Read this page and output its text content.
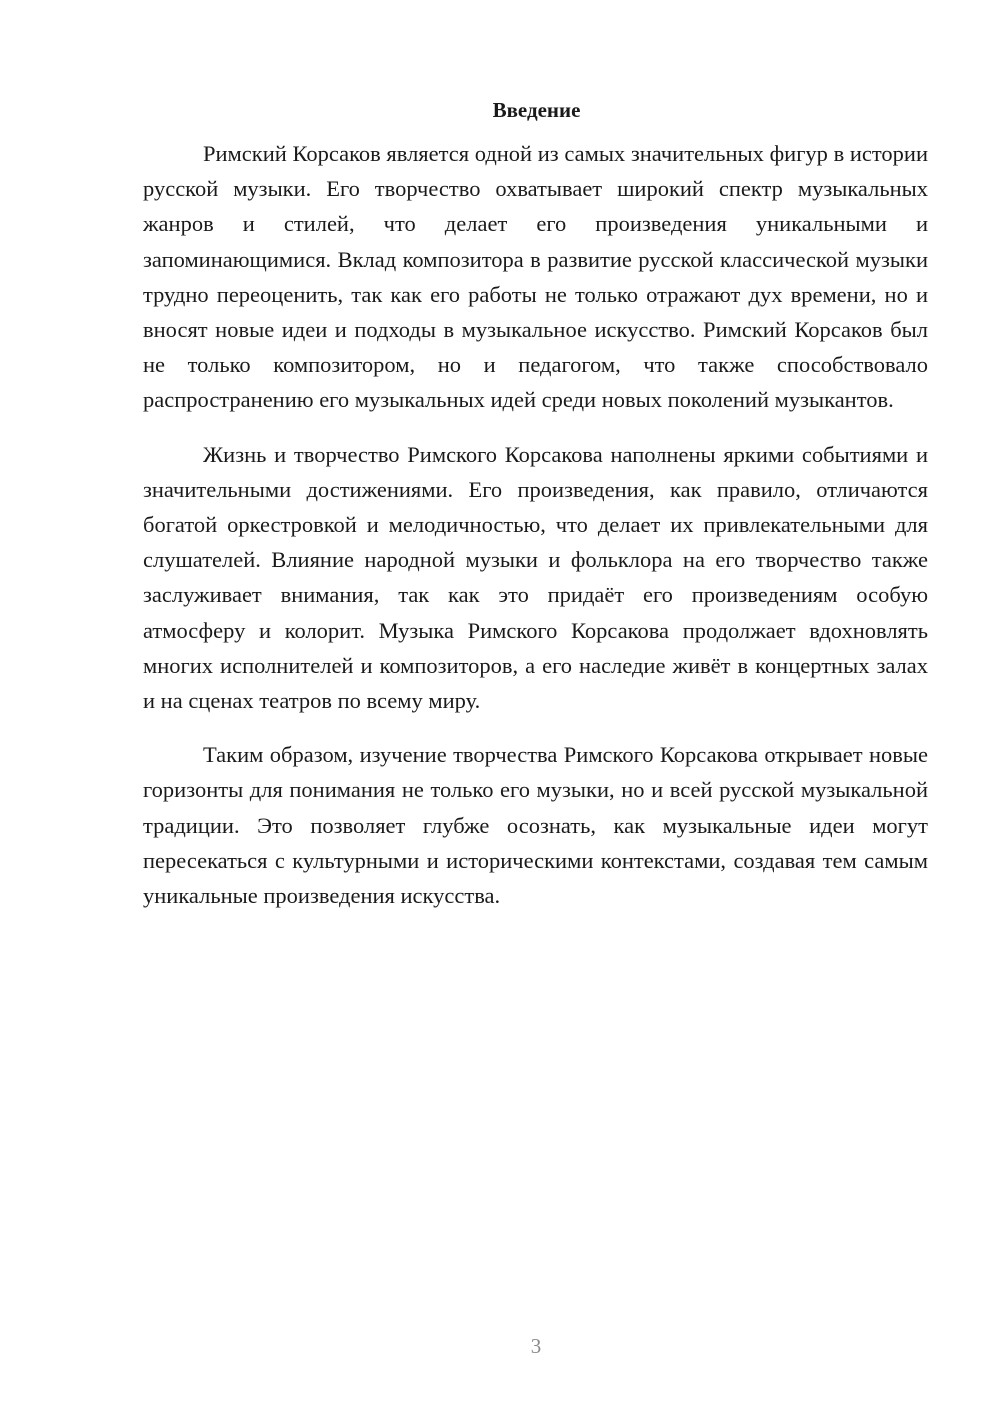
Введение

Римский Корсаков является одной из самых значительных фигур в истории русской музыки. Его творчество охватывает широкий спектр музыкальных жанров и стилей, что делает его произведения уникальными и запоминающимися. Вклад композитора в развитие русской классической музыки трудно переоценить, так как его работы не только отражают дух времени, но и вносят новые идеи и подходы в музыкальное искусство. Римский Корсаков был не только композитором, но и педагогом, что также способствовало распространению его музыкальных идей среди новых поколений музыкантов.

Жизнь и творчество Римского Корсакова наполнены яркими событиями и значительными достижениями. Его произведения, как правило, отличаются богатой оркестровкой и мелодичностью, что делает их привлекательными для слушателей. Влияние народной музыки и фольклора на его творчество также заслуживает внимания, так как это придаёт его произведениям особую атмосферу и колорит. Музыка Римского Корсакова продолжает вдохновлять многих исполнителей и композиторов, а его наследие живёт в концертных залах и на сценах театров по всему миру.

Таким образом, изучение творчества Римского Корсакова открывает новые горизонты для понимания не только его музыки, но и всей русской музыкальной традиции. Это позволяет глубже осознать, как музыкальные идеи могут пересекаться с культурными и историческими контекстами, создавая тем самым уникальные произведения искусства.

3
